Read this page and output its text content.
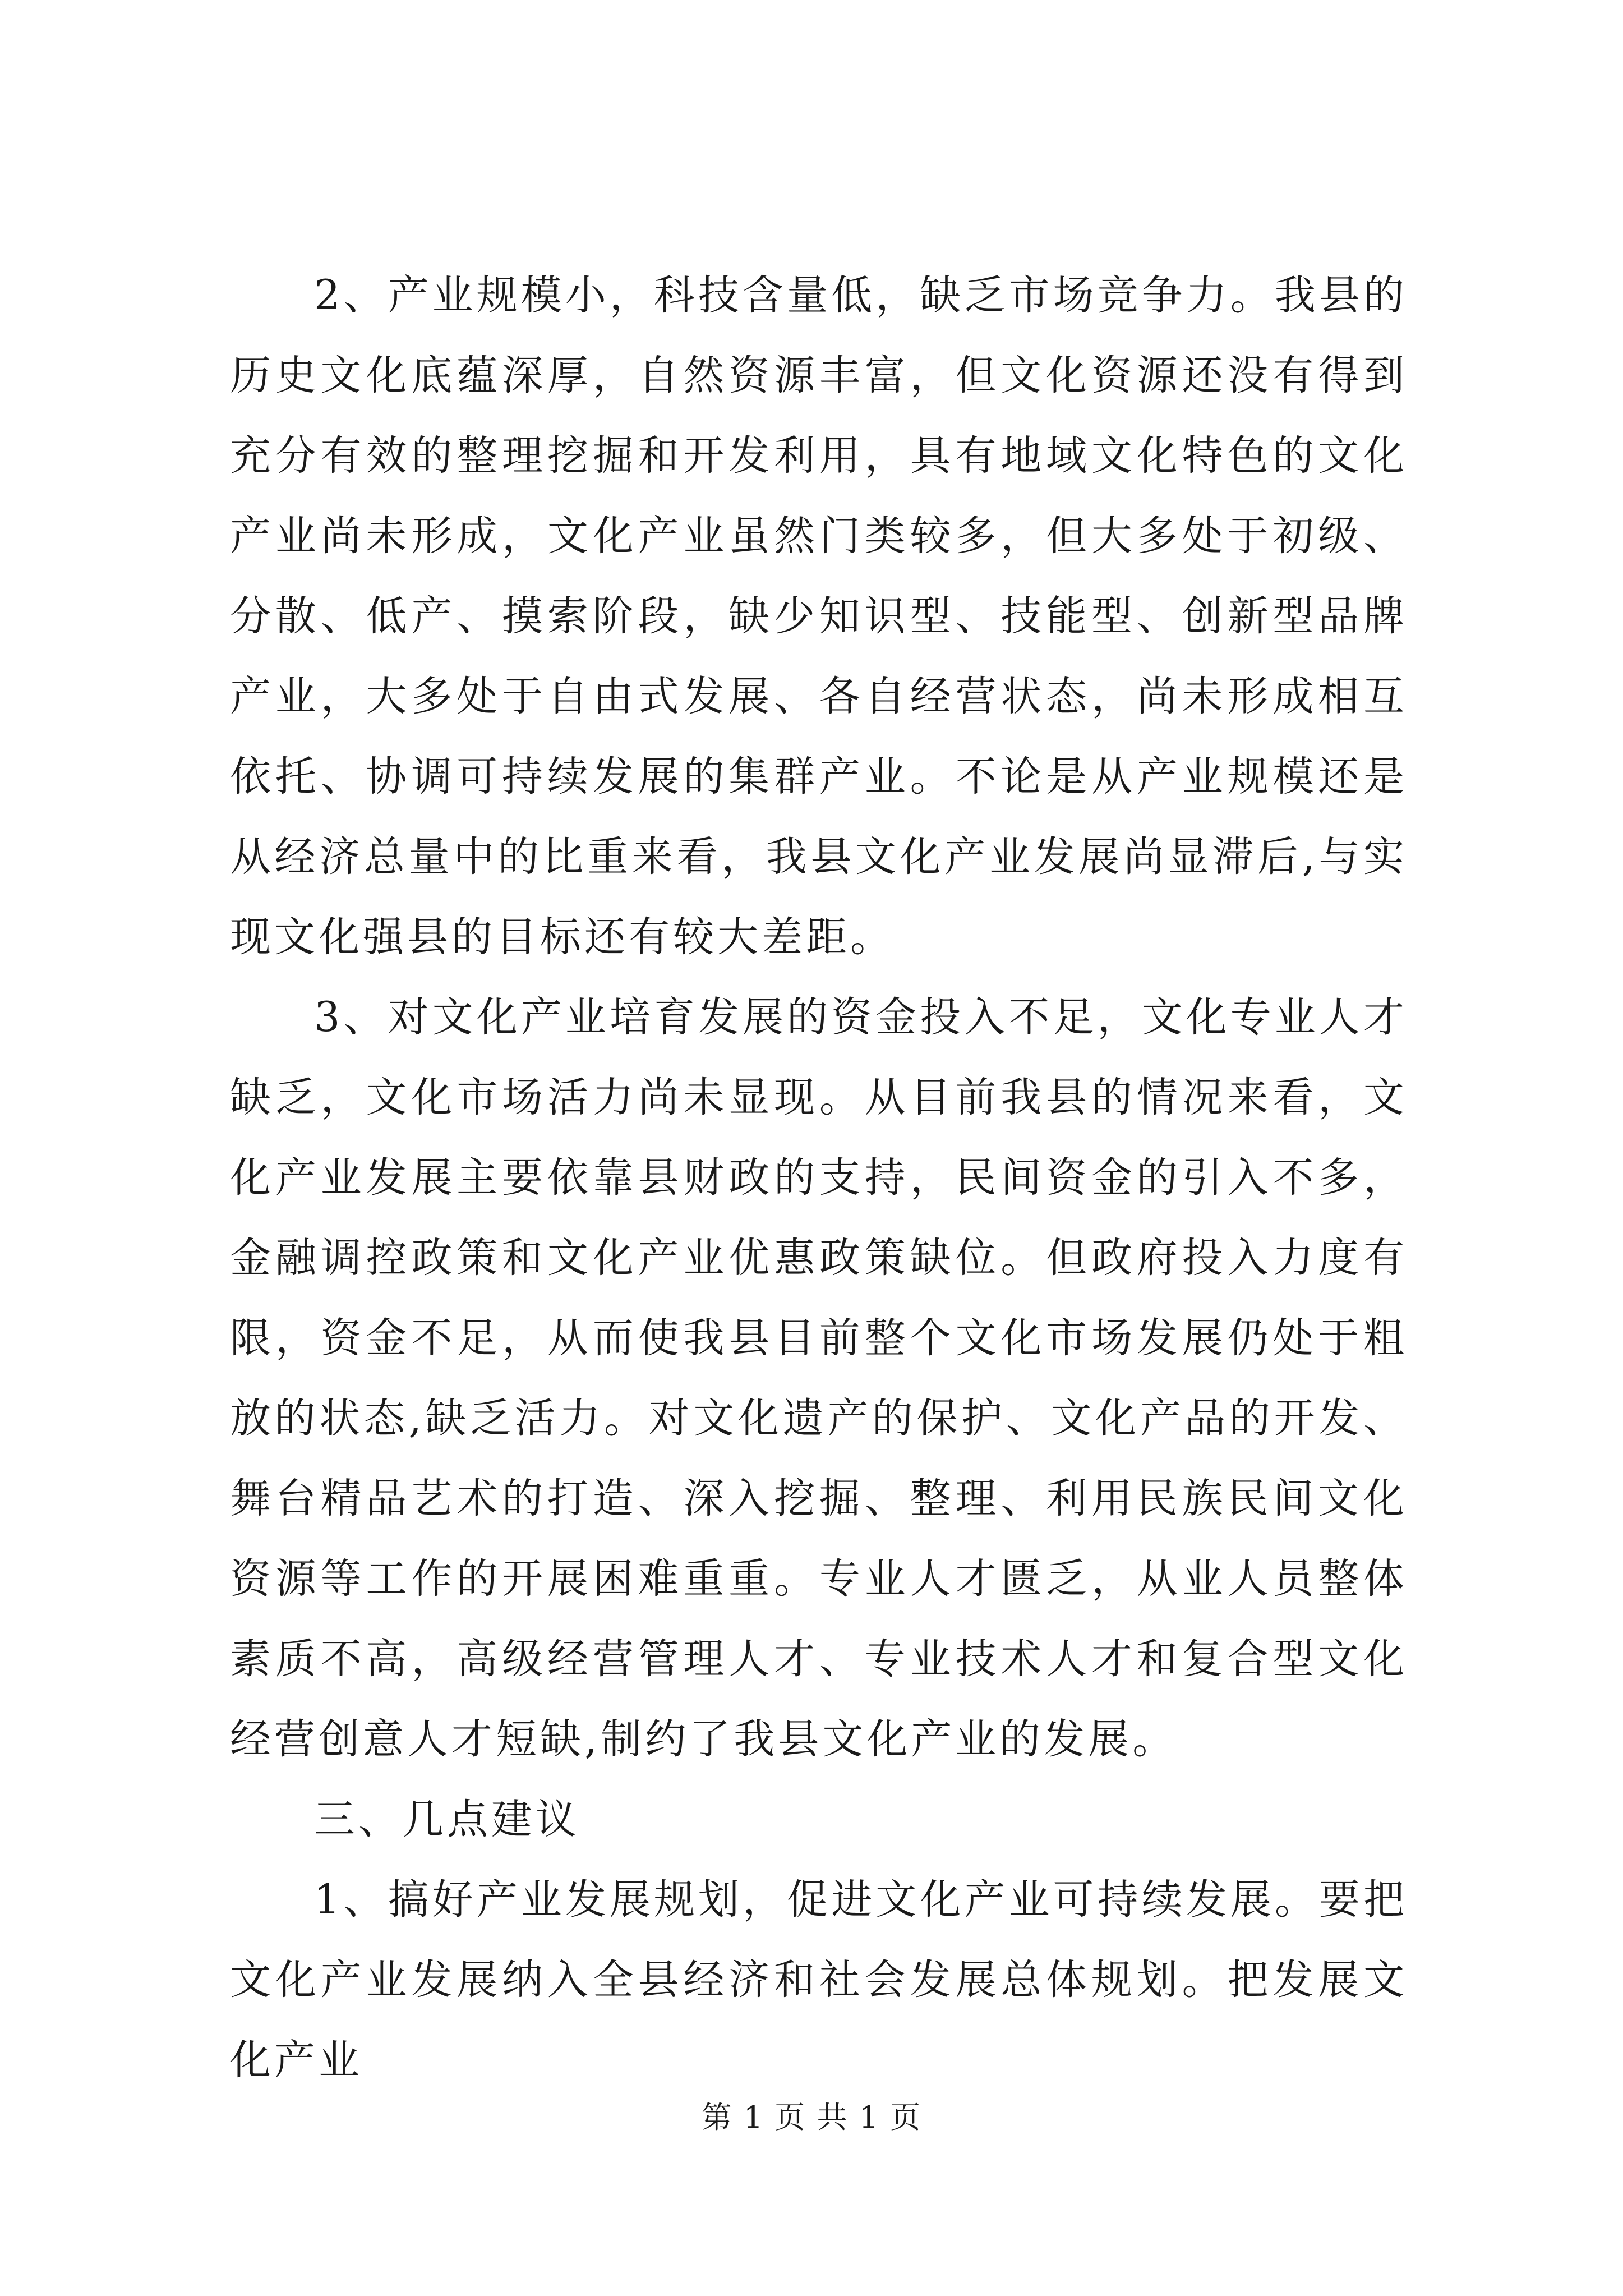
2、产业规模小，科技含量低，缺乏市场竞争力。我县的历史文化底蕴深厚，自然资源丰富，但文化资源还没有得到充分有效的整理挖掘和开发利用，具有地域文化特色的文化产业尚未形成，文化产业虽然门类较多，但大多处于初级、分散、低产、摸索阶段，缺少知识型、技能型、创新型品牌产业，大多处于自由式发展、各自经营状态，尚未形成相互依托、协调可持续发展的集群产业。不论是从产业规模还是从经济总量中的比重来看，我县文化产业发展尚显滞后,与实现文化强县的目标还有较大差距。

3、对文化产业培育发展的资金投入不足，文化专业人才缺乏，文化市场活力尚未显现。从目前我县的情况来看，文化产业发展主要依靠县财政的支持，民间资金的引入不多，金融调控政策和文化产业优惠政策缺位。但政府投入力度有限，资金不足，从而使我县目前整个文化市场发展仍处于粗放的状态,缺乏活力。对文化遗产的保护、文化产品的开发、舞台精品艺术的打造、深入挖掘、整理、利用民族民间文化资源等工作的开展困难重重。专业人才匮乏，从业人员整体素质不高，高级经营管理人才、专业技术人才和复合型文化经营创意人才短缺,制约了我县文化产业的发展。

三、几点建议

1、搞好产业发展规划，促进文化产业可持续发展。要把文化产业发展纳入全县经济和社会发展总体规划。把发展文化产业

第 1 页 共 1 页
